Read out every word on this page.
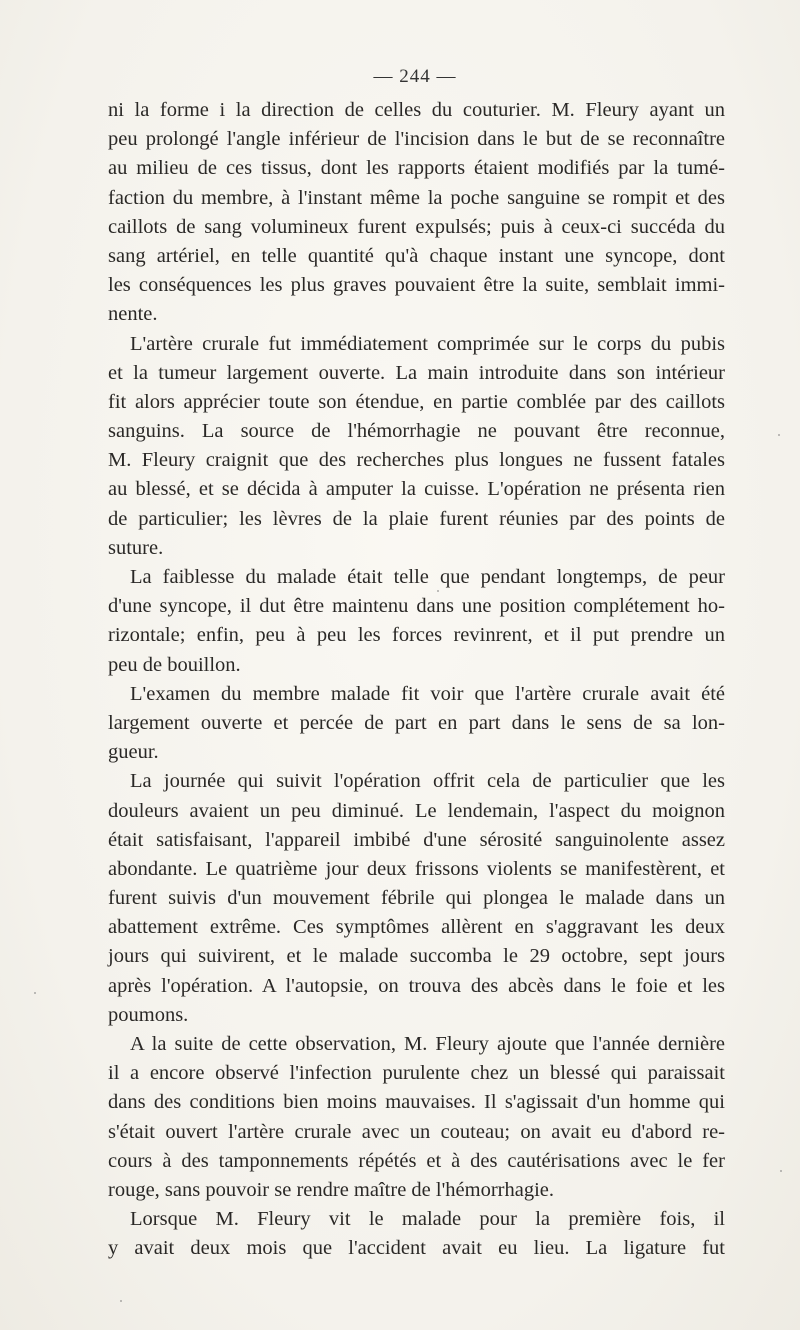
— 244 —
ni la forme i la direction de celles du couturier. M. Fleury ayant un
peu prolongé l'angle inférieur de l'incision dans le but de se reconnaître
au milieu de ces tissus, dont les rapports étaient modifiés par la tumé-
faction du membre, à l'instant même la poche sanguine se rompit et des
caillots de sang volumineux furent expulsés; puis à ceux-ci succéda du
sang artériel, en telle quantité qu'à chaque instant une syncope, dont
les conséquences les plus graves pouvaient être la suite, semblait immi-
nente.
L'artère crurale fut immédiatement comprimée sur le corps du pubis
et la tumeur largement ouverte. La main introduite dans son intérieur
fit alors apprécier toute son étendue, en partie comblée par des caillots
sanguins. La source de l'hémorrhagie ne pouvant être reconnue,
M. Fleury craignit que des recherches plus longues ne fussent fatales
au blessé, et se décida à amputer la cuisse. L'opération ne présenta rien
de particulier; les lèvres de la plaie furent réunies par des points de
suture.
La faiblesse du malade était telle que pendant longtemps, de peur
d'une syncope, il dut être maintenu dans une position complétement ho-
rizontale; enfin, peu à peu les forces revinrent, et il put prendre un
peu de bouillon.
L'examen du membre malade fit voir que l'artère crurale avait été
largement ouverte et percée de part en part dans le sens de sa lon-
gueur.
La journée qui suivit l'opération offrit cela de particulier que les
douleurs avaient un peu diminué. Le lendemain, l'aspect du moignon
était satisfaisant, l'appareil imbibé d'une sérosité sanguinolente assez
abondante. Le quatrième jour deux frissons violents se manifestèrent, et
furent suivis d'un mouvement fébrile qui plongea le malade dans un
abattement extrême. Ces symptômes allèrent en s'aggravant les deux
jours qui suivirent, et le malade succomba le 29 octobre, sept jours
après l'opération. A l'autopsie, on trouva des abcès dans le foie et les
poumons.
A la suite de cette observation, M. Fleury ajoute que l'année dernière
il a encore observé l'infection purulente chez un blessé qui paraissait
dans des conditions bien moins mauvaises. Il s'agissait d'un homme qui
s'était ouvert l'artère crurale avec un couteau; on avait eu d'abord re-
cours à des tamponnements répétés et à des cautérisations avec le fer
rouge, sans pouvoir se rendre maître de l'hémorrhagie.
Lorsque M. Fleury vit le malade pour la première fois, il
y avait deux mois que l'accident avait eu lieu. La ligature fut
